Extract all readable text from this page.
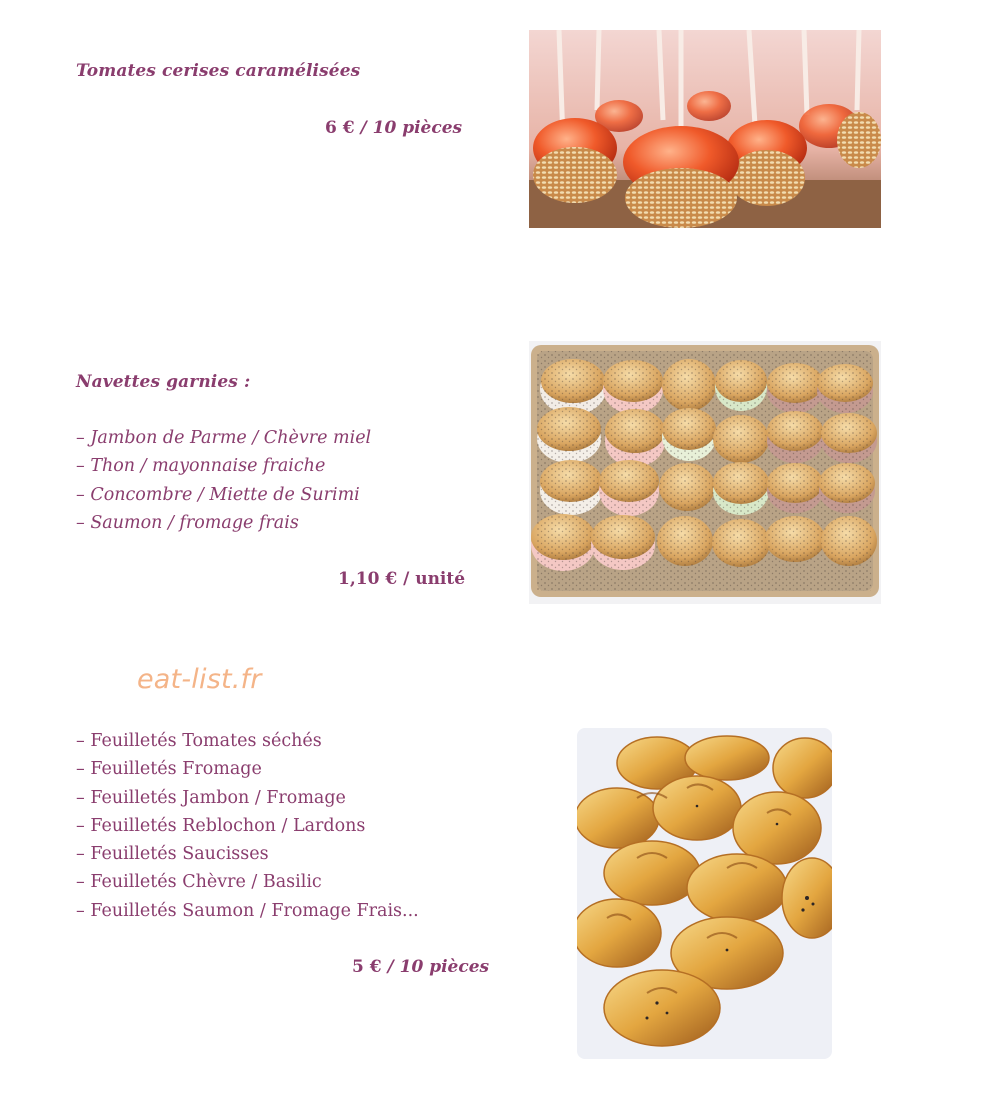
Tomates cerises caramélisées
6 € / 10 pièces
Navettes garnies :
– Jambon de Parme / Chèvre miel
– Thon / mayonnaise fraiche
– Concombre / Miette de Surimi
– Saumon / fromage frais
1,10 € / unité
eat-list.fr
– Feuilletés Tomates séchés
– Feuilletés Fromage
– Feuilletés Jambon / Fromage
– Feuilletés Reblochon / Lardons
– Feuilletés Saucisses
– Feuilletés Chèvre / Basilic
– Feuilletés Saumon / Fromage Frais...
5 € / 10 pièces
